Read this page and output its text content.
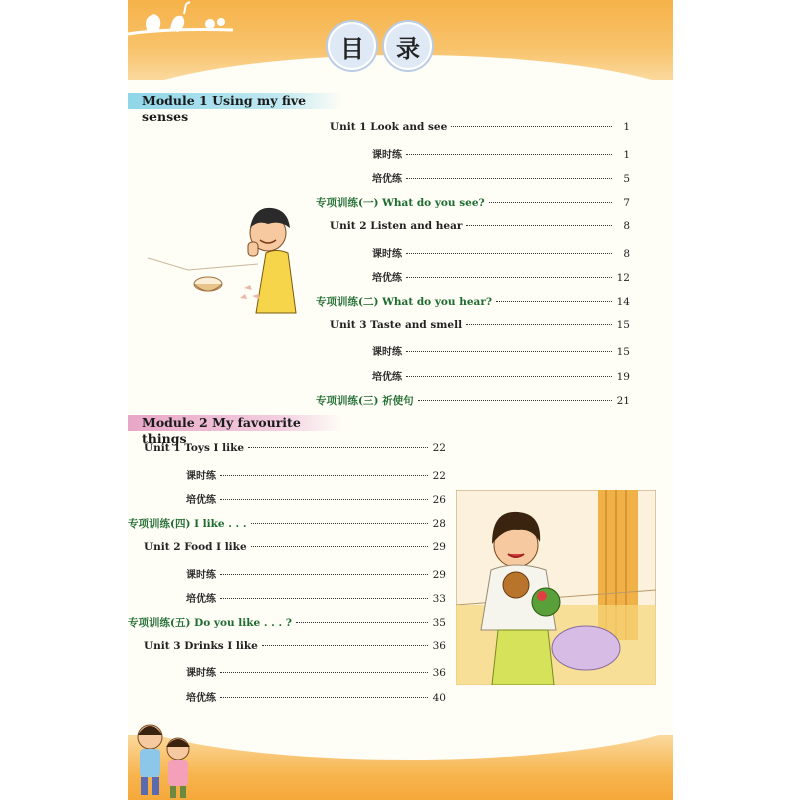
目	录
Module 1 Using my five senses
Module 2 My favourite things
Unit 1 Look and see	1
课时练	1
培优练	5
专项训练(一) What do you see?	7
Unit 2 Listen and hear	8
课时练	8
培优练	12
专项训练(二) What do you hear?	14
Unit 3 Taste and smell	15
课时练	15
培优练	19
专项训练(三) 祈使句	21
Unit 1 Toys I like	22
课时练	22
培优练	26
专项训练(四) I like . . .	28
Unit 2 Food I like	29
课时练	29
培优练	33
专项训练(五) Do you like . . . ?	35
Unit 3 Drinks I like	36
课时练	36
培优练	40
